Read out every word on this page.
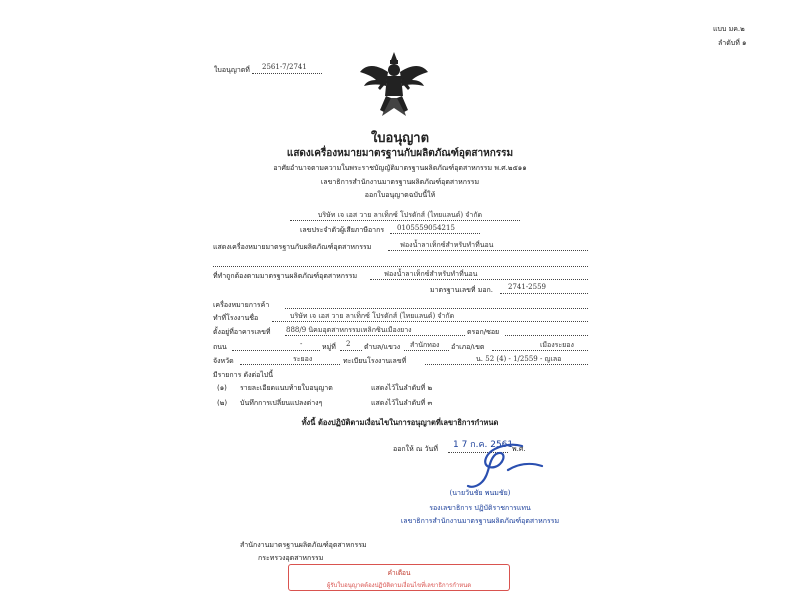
แบบ มค.๒
ลำดับที่ ๑
ใบอนุญาตที่ 2561-7/2741
ใบอนุญาต
แสดงเครื่องหมายมาตรฐานกับผลิตภัณฑ์อุตสาหกรรม
อาศัยอำนาจตามความในพระราชบัญญัติมาตรฐานผลิตภัณฑ์อุตสาหกรรม พ.ศ.๒๕๑๑
เลขาธิการสำนักงานมาตรฐานผลิตภัณฑ์อุตสาหกรรม
ออกใบอนุญาตฉบับนี้ให้
บริษัท เจ เอส วาย ลาเท็กซ์ โปรดักส์ (ไทยแลนด์) จำกัด
เลขประจำตัวผู้เสียภาษีอากร 0105559054215
แสดงเครื่องหมายมาตรฐานกับผลิตภัณฑ์อุตสาหกรรม	ฟองน้ำลาเท็กซ์สำหรับทำที่นอน
ที่ทำถูกต้องตามมาตรฐานผลิตภัณฑ์อุตสาหกรรม	ฟองน้ำลาเท็กซ์สำหรับทำที่นอน
มาตรฐานเลขที่ มอก. 2741-2559
เครื่องหมายการค้า
ทำที่โรงงานชื่อ	บริษัท เจ เอส วาย ลาเท็กซ์ โปรดักส์ (ไทยแลนด์) จำกัด
ตั้งอยู่ที่อาคารเลขที่ 888/9 นิคมอุตสาหกรรมเหลิกซินเมืองยาง	ตรอก/ซอย
ถนน	-	หมู่ที่ 2 ตำบล/แขวง สำนักทอง อำเภอ/เขต	เมืองระยอง
จังหวัด	ระยอง	ทะเบียนโรงงานเลขที่	น. 52 (4) - 1/2559 - ญเลอ
มีรายการ ดังต่อไปนี้
(๑) รายละเอียดแนบท้ายใบอนุญาต	แสดงไว้ในลำดับที่ ๒
(๒) บันทึกการเปลี่ยนแปลงต่างๆ	แสดงไว้ในลำดับที่ ๓
ทั้งนี้ ต้องปฏิบัติตามเงื่อนไขในการอนุญาตที่เลขาธิการกำหนด
ออกให้ ณ วันที่ 1 7 ก.ค. 2561
พ.ศ.
(นายวันชัย พนมชัย)
รองเลขาธิการ ปฏิบัติราชการแทน
เลขาธิการสำนักงานมาตรฐานผลิตภัณฑ์อุตสาหกรรม
สำนักงานมาตรฐานผลิตภัณฑ์อุตสาหกรรม
กระทรวงอุตสาหกรรม
คำเตือน
ผู้รับใบอนุญาตต้องปฏิบัติตามเงื่อนไขที่เลขาธิการกำหนด
